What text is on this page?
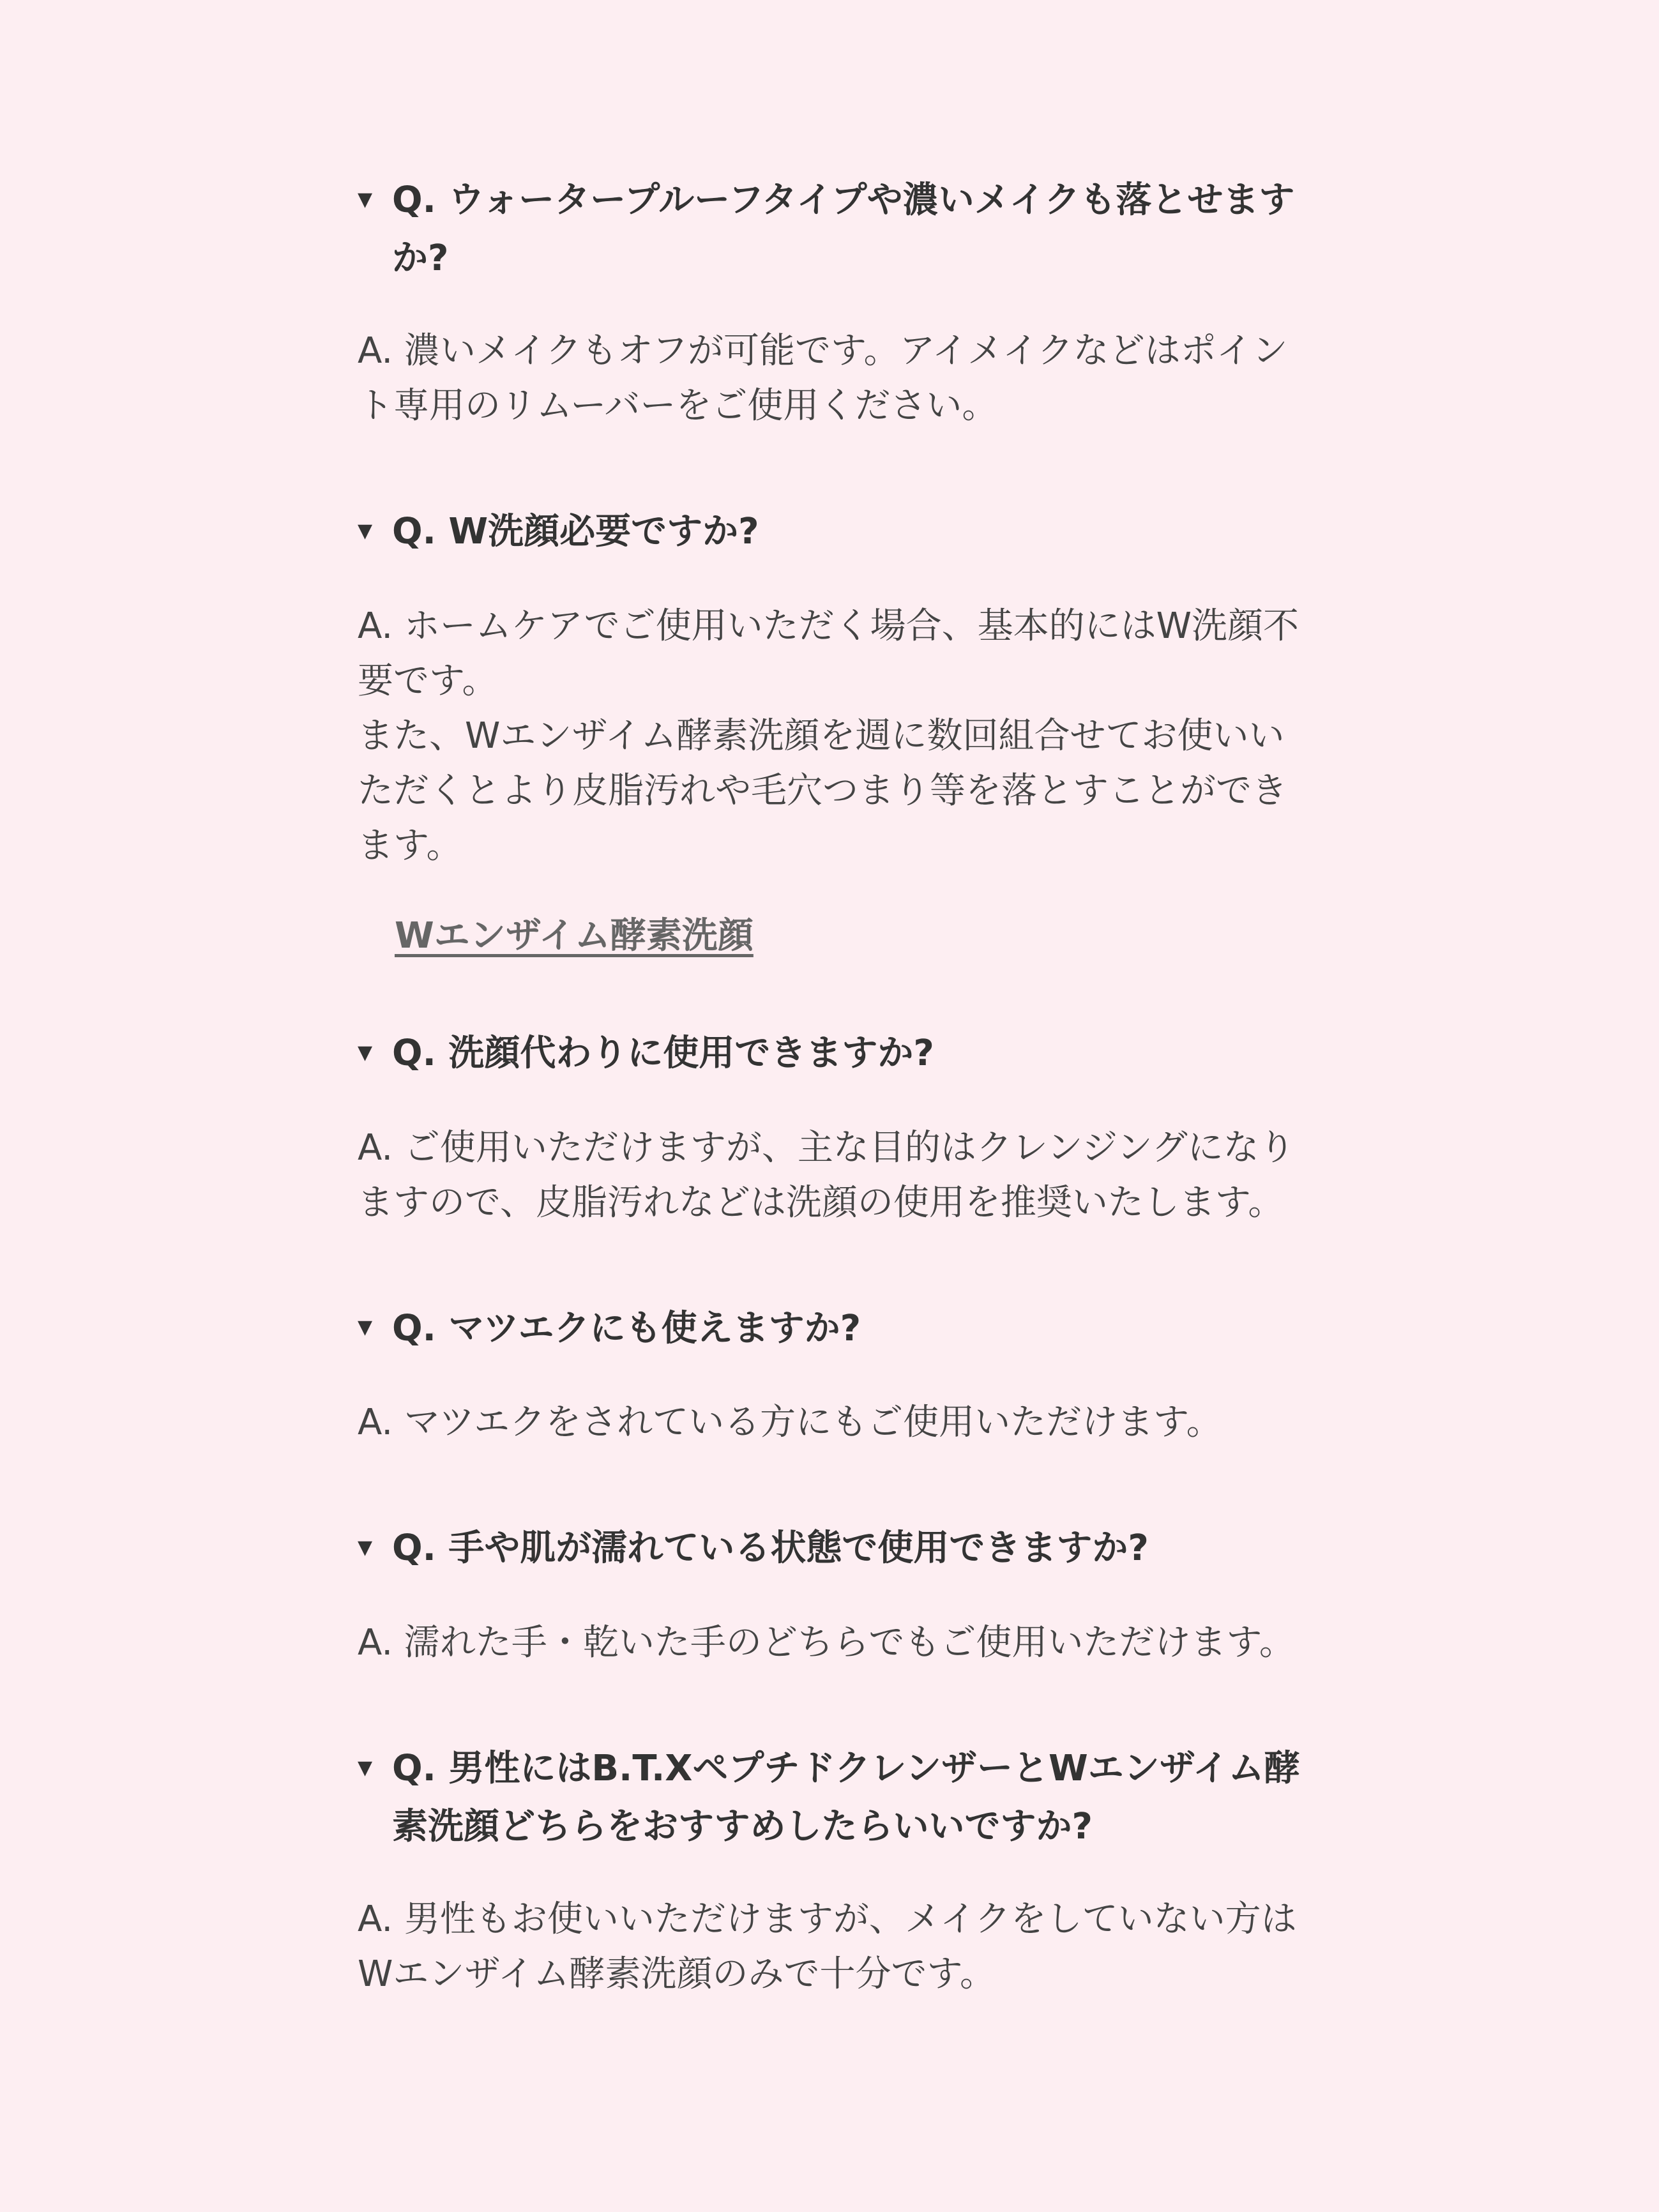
▼ Q. ウォータープルーフタイプや濃いメイクも落とせますか?

A. 濃いメイクもオフが可能です。アイメイクなどはポイント専用のリムーバーをご使用ください。

▼ Q. W洗顔必要ですか?

A. ホームケアでご使用いただく場合、基本的にはW洗顔不要です。

また、Wエンザイム酵素洗顔を週に数回組合せてお使いいただくとより皮脂汚れや毛穴つまり等を落とすことができます。

Wエンザイム酵素洗顔
▼ Q. 洗顔代わりに使用できますか?

A. ご使用いただけますが、主な目的はクレンジングになりますので、皮脂汚れなどは洗顔の使用を推奨いたします。

▼ Q. マツエクにも使えますか?

A. マツエクをされている方にもご使用いただけます。

▼ Q. 手や肌が濡れている状態で使用できますか?

A. 濡れた手・乾いた手のどちらでもご使用いただけます。

▼ Q. 男性にはB.T.XペプチドクレンザーとWエンザイム酵素洗顔どちらをおすすめしたらいいですか?

A. 男性もお使いいただけますが、メイクをしていない方はWエンザイム酵素洗顔のみで十分です。
